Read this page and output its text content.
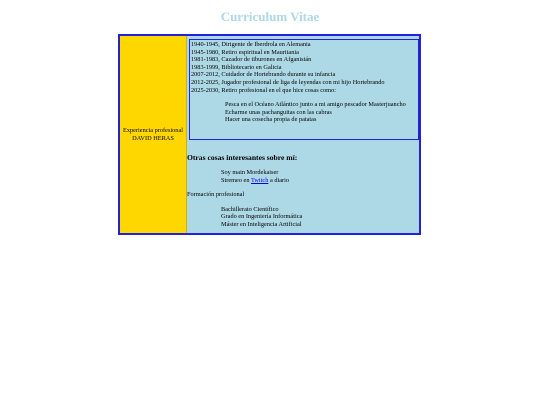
Curriculum Vitae
Experiencia profesional
DAVID HERAS
1940-1945, Dirigente de Iberdrola en Alemania
1945-1980, Retiro espiritual en Mauritania
1981-1983, Cazador de tiburones en Afganistán
1983-1999, Bibliotecario en Galicia
2007-2012, Cuidador de Hortebrando durante su infancia
2012-2025, Jugador profesional de liga de leyendas con mi hijo Hortebrando
2025-2030, Retiro profesional en el que hice cosas como:
Pesca en el Océano Atlántico junto a mi amigo pescador Masterjuancho
Echarme unas pachanguitas con las cabras
Hacer una cosecha propia de patatas
Otras cosas interesantes sobre mí:
Soy main Mordekaiser
Stremeo en Twitch a diario
Formación profesional
Bachillerato Científico
Grado en Ingeniería Informática
Máster en Inteligencia Artificial
